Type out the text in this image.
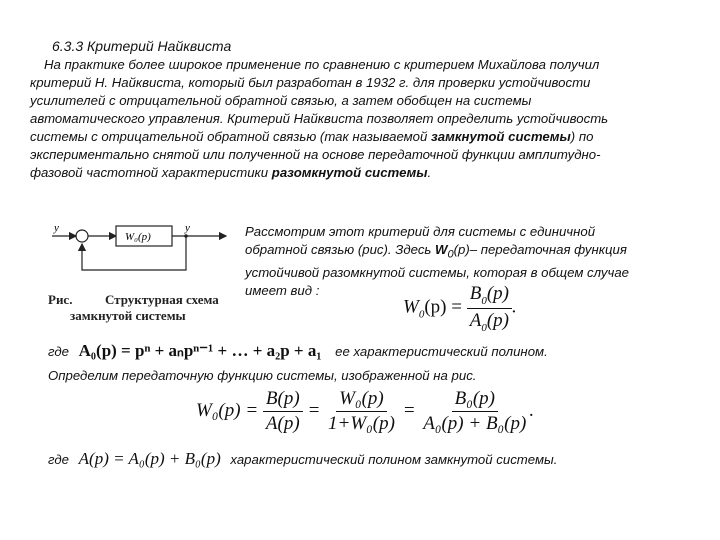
6.3.3 Критерий Найквиста
На практике более широкое применение по сравнению с критерием Михайлова получил
критерий Н. Найквиста, который был разработан в 1932 г. для проверки устойчивости
усилителей с отрицательной обратной связью, а затем обобщен на системы
автоматического управления. Критерий Найквиста позволяет определить устойчивость
системы с отрицательной обратной связью (так называемой замкнутой системы) по
экспериментально снятой или полученной на основе передаточной функции амплитудно-
фазовой частотной характеристики разомкнутой системы.
y	y
W₀(p)
Рис.          Структурная схема
замкнутой системы
Рассмотрим этот критерий для системы с единичной
обратной связью (рис). Здесь $W_0(p)-$ передаточная функция
устойчивой разомкнутой системы, которая в общем случае
имеет вид :
$W_0(p) = \frac{B_0(p)}{A_0(p)}$ .
где A₀(p) = pⁿ + aₙpⁿ⁻¹ + … + a₂p + a₁ ее характеристический полином.
Определим передаточную функцию системы, изображенной на рис.
$W_0(p) = \frac{B(p)}{A(p)} = \frac{\text{W₀(p)}}{\text{1+W₀(p)}} = \frac{\text{B₀(p)}}{\text{A₀(p) + B₀(p)}}$ .
где A(p) = A₀(p) + B₀(p) характеристический полином замкнутой системы.
